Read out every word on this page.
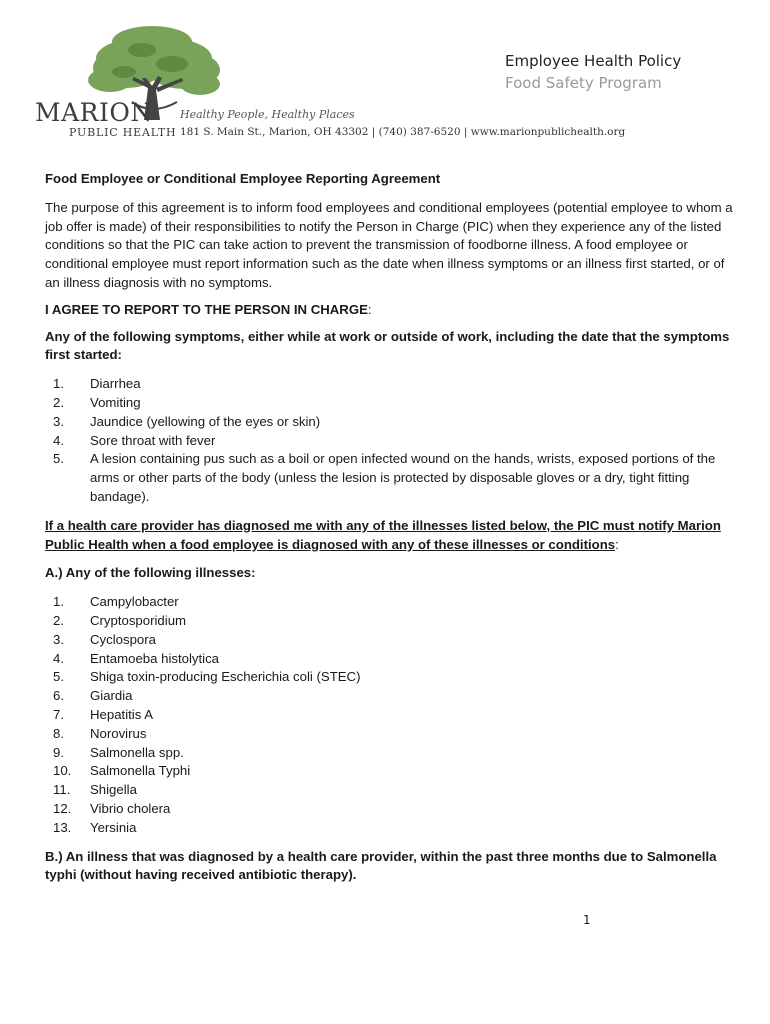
MARION
PUBLIC HEALTH
Healthy People, Healthy Places
181 S. Main St., Marion, OH 43302 | (740) 387-6520 | www.marionpublichealth.org
Employee Health Policy
Food Safety Program

Food Employee or Conditional Employee Reporting Agreement

The purpose of this agreement is to inform food employees and conditional employees (potential employee to whom a job offer is made) of their responsibilities to notify the Person in Charge (PIC) when they experience any of the listed conditions so that the PIC can take action to prevent the transmission of foodborne illness. A food employee or conditional employee must report information such as the date when illness symptoms or an illness first started, or of an illness diagnosis with no symptoms.

I AGREE TO REPORT TO THE PERSON IN CHARGE:

Any of the following symptoms, either while at work or outside of work, including the date that the symptoms first started:

1.	Diarrhea
2.	Vomiting
3.	Jaundice (yellowing of the eyes or skin)
4.	Sore throat with fever
5.	A lesion containing pus such as a boil or open infected wound on the hands, wrists, exposed portions of the arms or other parts of the body (unless the lesion is protected by disposable gloves or a dry, tight fitting bandage).

If a health care provider has diagnosed me with any of the illnesses listed below, the PIC must notify Marion Public Health when a food employee is diagnosed with any of these illnesses or conditions:

A.) Any of the following illnesses:

1.	Campylobacter
2.	Cryptosporidium
3.	Cyclospora
4.	Entamoeba histolytica
5.	Shiga toxin-producing Escherichia coli (STEC)
6.	Giardia
7.	Hepatitis A
8.	Norovirus
9.	Salmonella spp.
10.	Salmonella Typhi
11.	Shigella
12.	Vibrio cholera
13.	Yersinia

B.) An illness that was diagnosed by a health care provider, within the past three months due to Salmonella typhi (without having received antibiotic therapy).

1
